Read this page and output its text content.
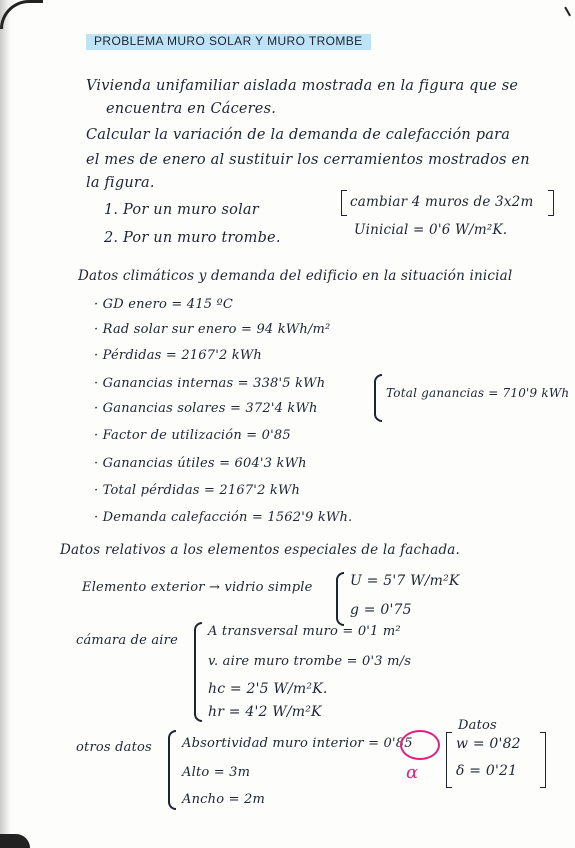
PROBLEMA MURO SOLAR Y MURO TROMBE
Vivienda unifamiliar aislada mostrada en la figura que se
encuentra en Cáceres.
Calcular la variación de la demanda de calefacción para
el mes de enero al sustituir los cerramientos mostrados en
la figura.
1. Por un muro solar
2. Por un muro trombe.
cambiar 4 muros de 3x2m
Uinicial = 0'6 W/m²K.
Datos climáticos y demanda del edificio en la situación inicial
· GD enero = 415 ºC
· Rad solar sur enero = 94 kWh/m²
· Pérdidas = 2167'2 kWh
· Ganancias internas = 338'5 kWh
· Ganancias solares = 372'4 kWh
Total ganancias = 710'9 kWh
· Factor de utilización = 0'85
· Ganancias útiles = 604'3 kWh
· Total pérdidas = 2167'2 kWh
· Demanda calefacción = 1562'9 kWh.
Datos relativos a los elementos especiales de la fachada.
Elemento exterior → vidrio simple	U = 5'7 W/m²K
g = 0'75
cámara de aire
A transversal muro = 0'1 m²
v. aire muro trombe = 0'3 m/s
hc = 2'5 W/m²K.
hr = 4'2 W/m²K
Datos
otros datos Absortividad muro interior = 0'85
α
Alto = 3m
Ancho = 2m
w = 0'82
δ = 0'21
